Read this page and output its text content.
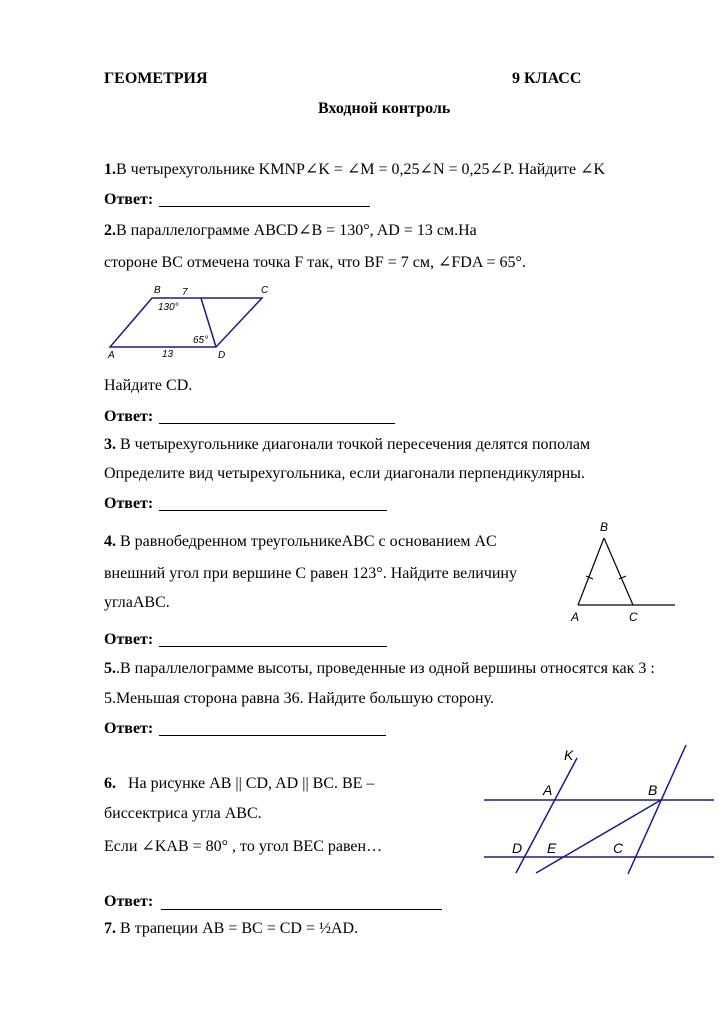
ГЕОМЕТРИЯ	9 КЛАСС
Входной контроль
1.В четырехугольнике KMNP∠K = ∠M = 0,25∠N = 0,25∠P. Найдите ∠K
Ответ:
2.В параллелограмме ABCD∠B = 130°, AD = 13 см.На
стороне BC отмечена точка F так, что BF = 7 см, ∠FDA = 65°.
B 7	C
130°
65°
A	13	D
Найдите CD.
Ответ:
3. В четырехугольнике диагонали точкой пересечения делятся пополам
Определите вид четырехугольника, если диагонали перпендикулярны.
Ответ:
4. В равнобедренном треугольникеABC с основанием AC
внешний угол при вершине C равен 123°. Найдите величину
углаABC.
B
A	C
Ответ:
5..В параллелограмме высоты, проведенные из одной вершины относятся как 3 :
5.Меньшая сторона равна 36. Найдите большую сторону.
Ответ:
6. На рисунке AB || CD, AD || BC. BE –
биссектриса угла ABC.
Если ∠KAB = 80° , то угол BEC равен…
K
A	B
D E	C
Ответ:
7. В трапеции AB = BC = CD = ½AD.
